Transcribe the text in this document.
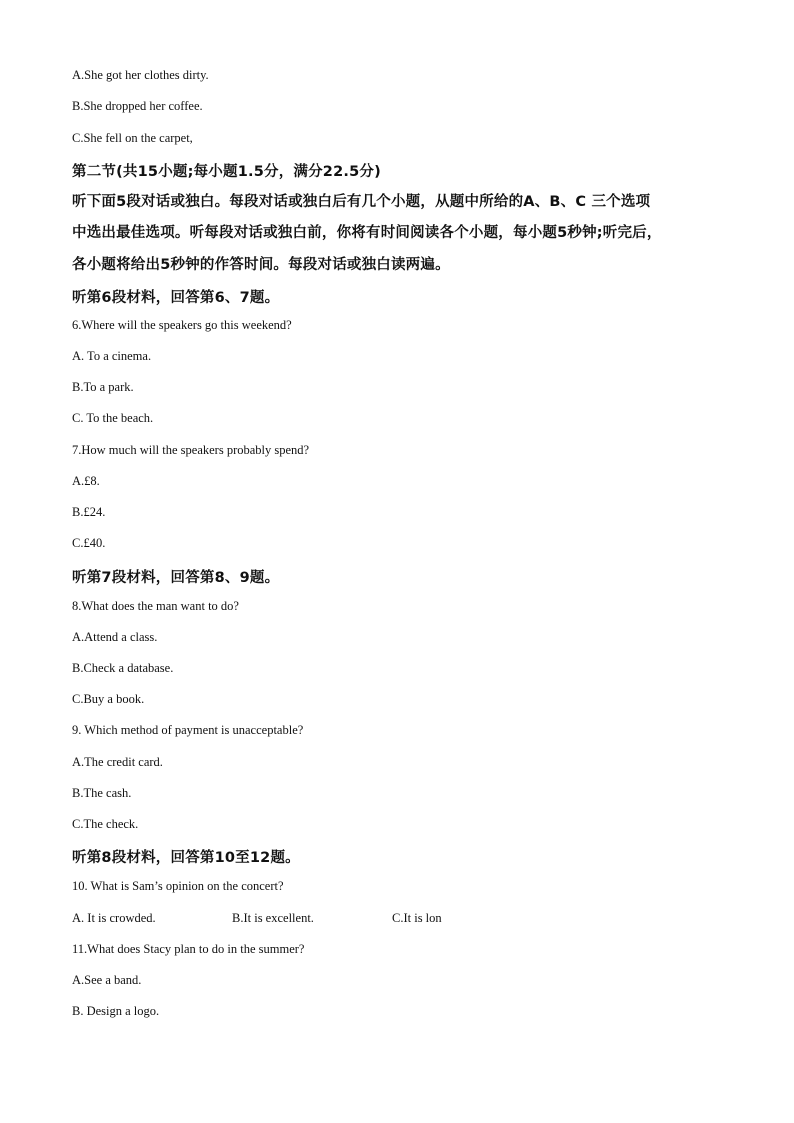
A.She got her clothes dirty.
B.She dropped her coffee.
C.She fell on the carpet,
第二节(共15小题;每小题1.5分，满分22.5分)
听下面5段对话或独白。每段对话或独白后有几个小题，从题中所给的A、B、C 三个选项
中选出最佳选项。听每段对话或独白前，你将有时间阅读各个小题，每小题5秒钟;听完后，
各小题将给出5秒钟的作答时间。每段对话或独白读两遍。
听第6段材料，回答第6、7题。
6.Where will the speakers go this weekend?
A. To a cinema.
B.To a park.
C. To the beach.
7.How much will the speakers probably spend?
A.£8.
B.£24.
C.£40.
听第7段材料，回答第8、9题。
8.What does the man want to do?
A.Attend a class.
B.Check a database.
C.Buy a book.
9. Which method of payment is unacceptable?
A.The credit card.
B.The cash.
C.The check.
听第8段材料，回答第10至12题。
10. What is Sam’s opinion on the concert?
A. It is crowded.	B.It is excellent.	C.It is lon
11.What does Stacy plan to do in the summer?
A.See a band.
B. Design a logo.
